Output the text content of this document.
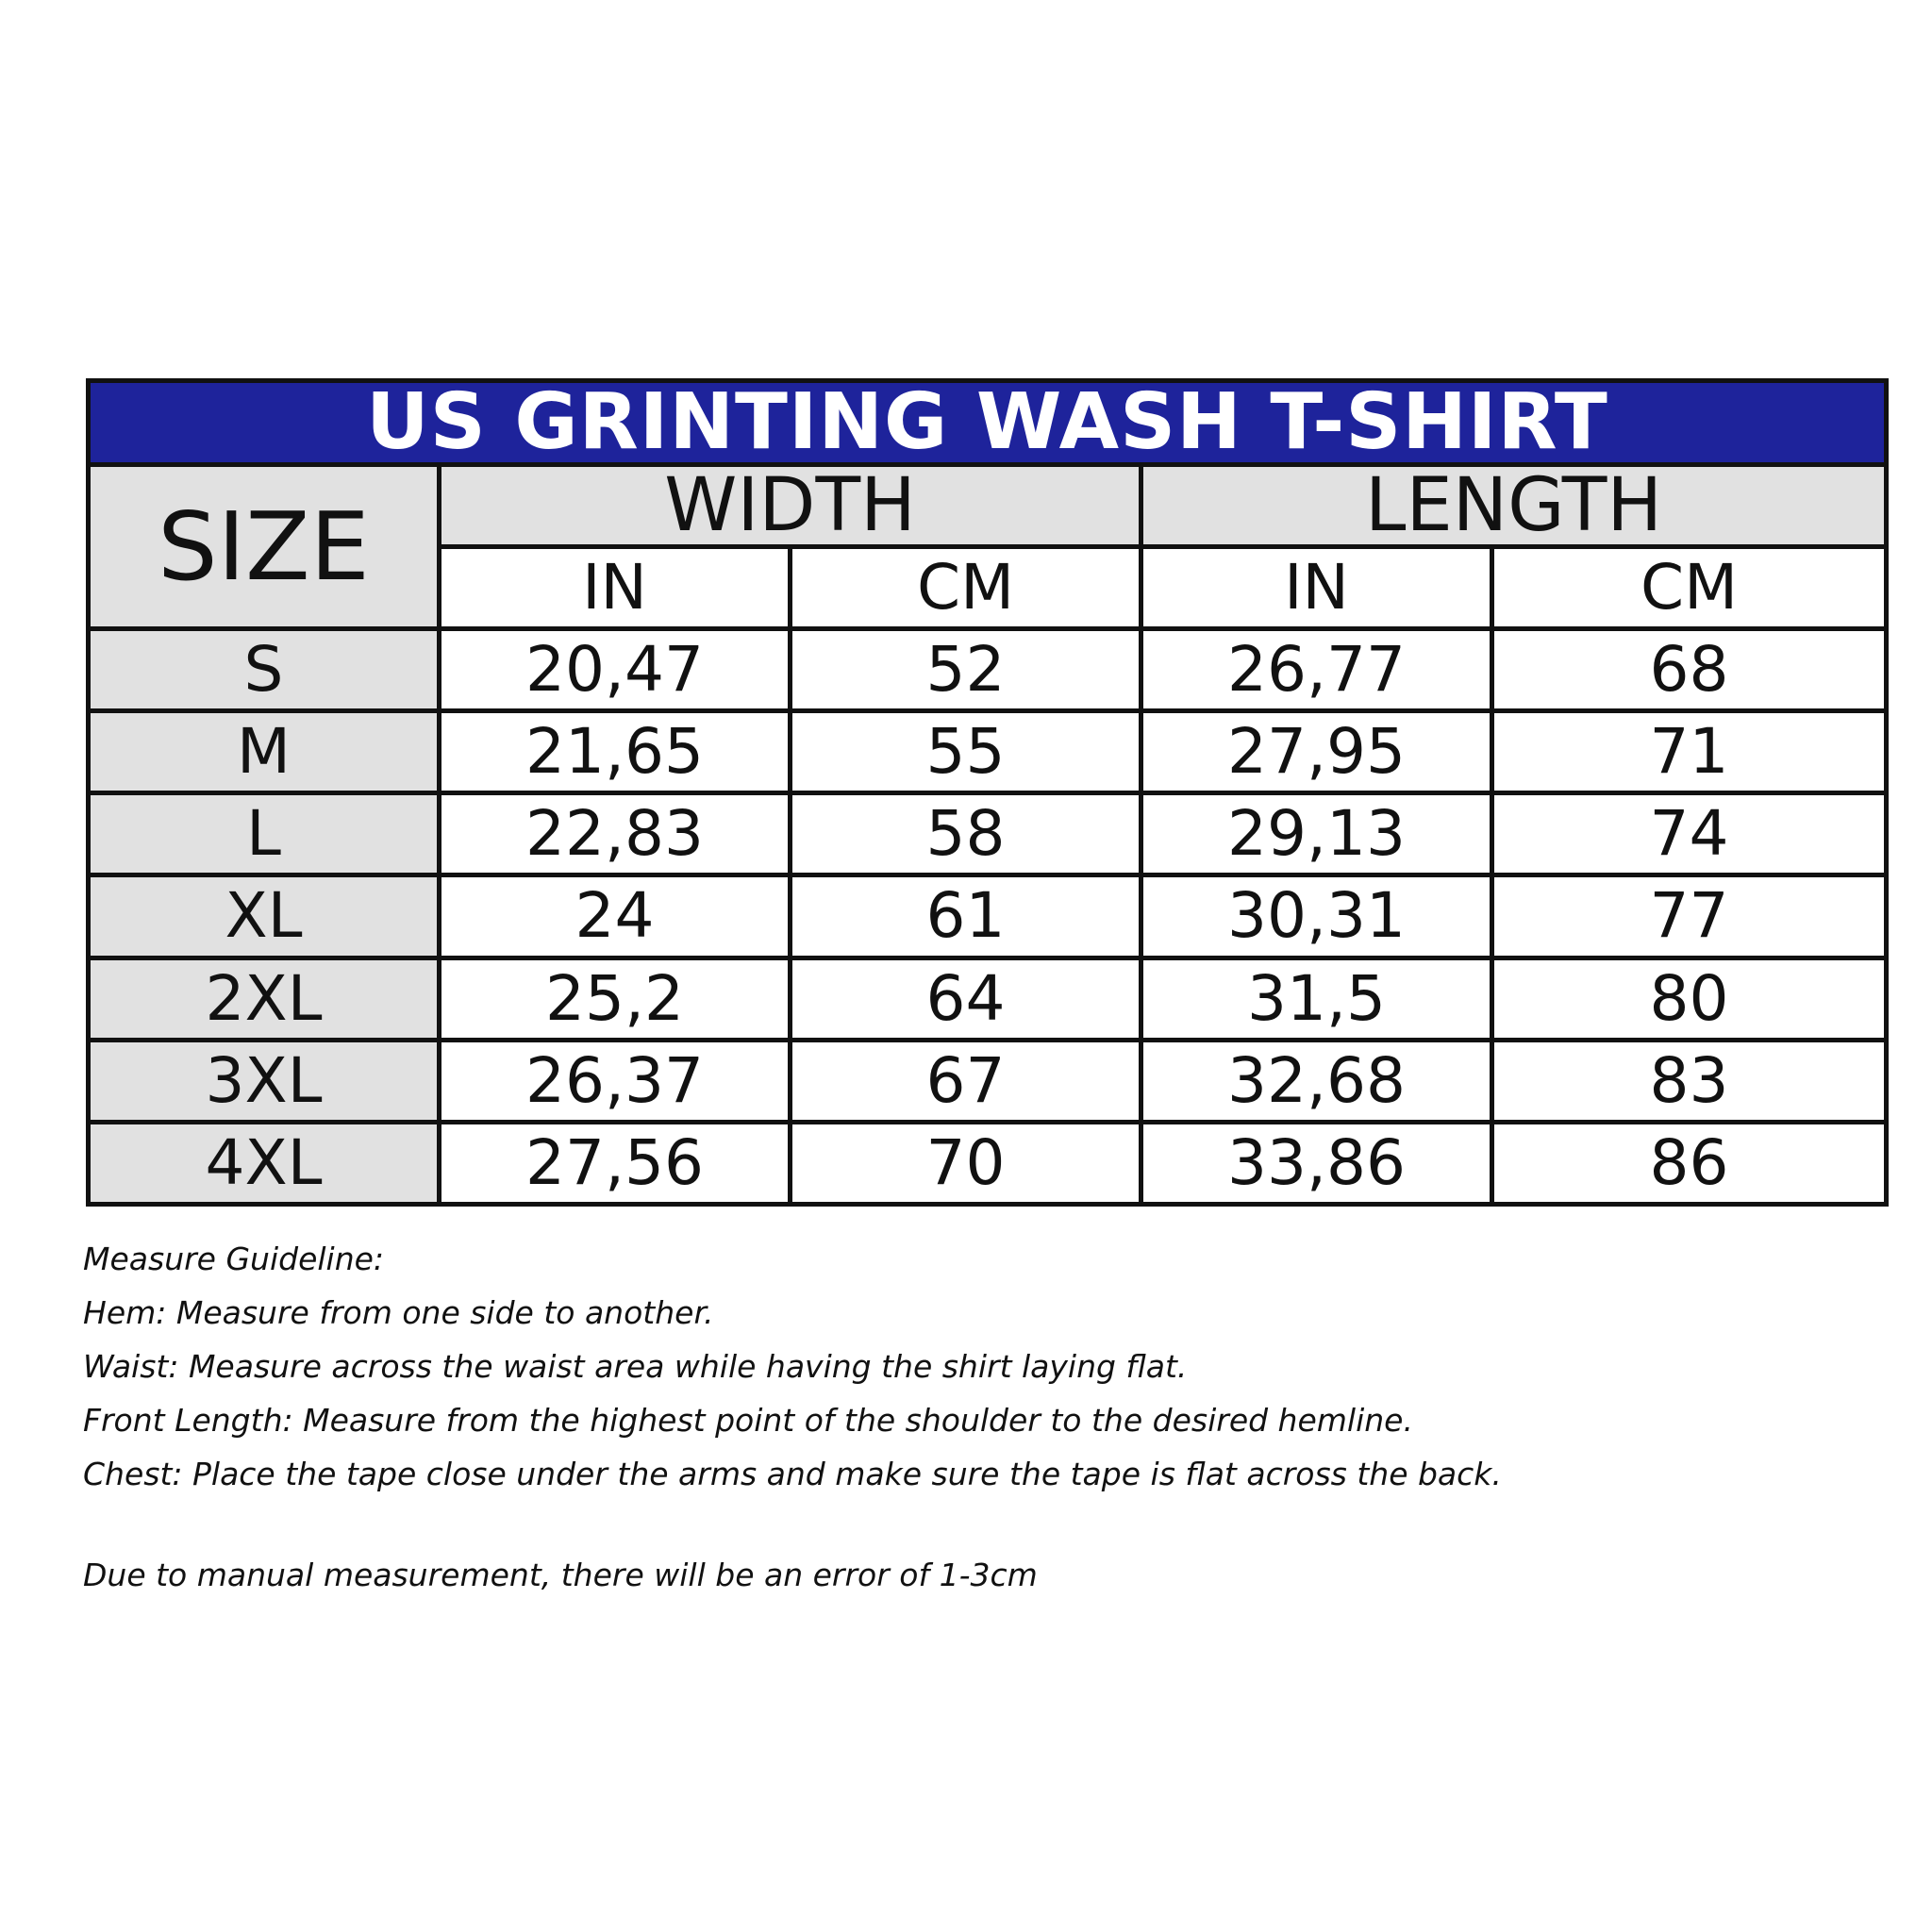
US GRINTING WASH T-SHIRT				
SIZE	WIDTH		LENGTH	
	IN	CM	IN	CM
S	20,47	52	26,77	68
M	21,65	55	27,95	71
L	22,83	58	29,13	74
XL	24	61	30,31	77
2XL	25,2	64	31,5	80
3XL	26,37	67	32,68	83
4XL	27,56	70	33,86	86
Measure Guideline:
Hem: Measure from one side to another.
Waist: Measure across the waist area while having the shirt laying flat.
Front Length: Measure from the highest point of the shoulder to the desired hemline.
Chest: Place the tape close under the arms and make sure the tape is flat across the back.
Due to manual measurement, there will be an error of 1-3cm
